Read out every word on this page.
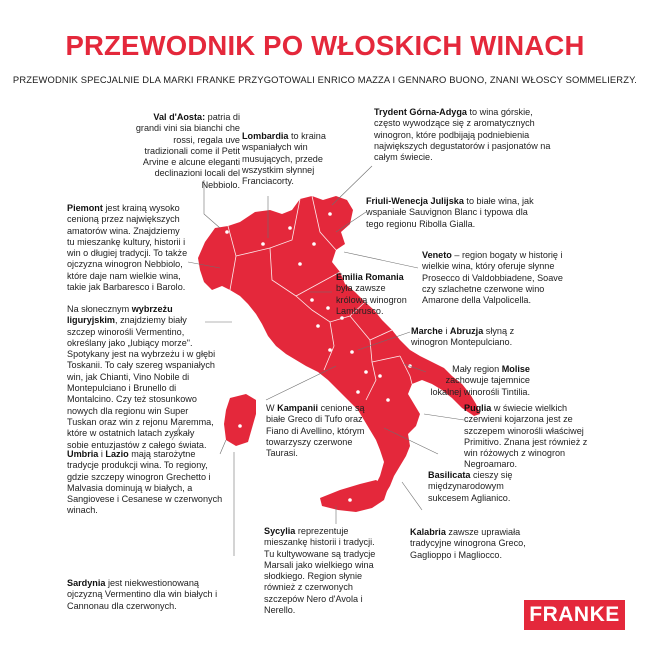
PRZEWODNIK PO WŁOSKICH WINACH
PRZEWODNIK SPECJALNIE DLA MARKI FRANKE PRZYGOTOWALI ENRICO MAZZA I GENNARO BUONO, ZNANI WŁOSCY SOMMELIERZY.

Val d'Aosta: patria di grandi vini sia bianchi che rossi, regala uve tradizionali come il Petit Arvine e alcune eleganti declinazioni locali del Nebbiolo.

Lombardia to kraina wspaniałych win musujących, przede wszystkim słynnej Franciacorty.

Trydent Górna-Adyga to wina górskie, często wywodzące się z aromatycznych winogron, które podbijają podniebienia największych degustatorów i pasjonatów na całym świecie.

Piemont jest krainą wysoko cenioną przez największych amatorów wina. Znajdziemy tu mieszankę kultury, historii i win o długiej tradycji. To także ojczyzna winogron Nebbiolo, które daje nam wielkie wina, takie jak Barbaresco i Barolo.

Friuli-Wenecja Julijska to białe wina, jak wspaniałe Sauvignon Blanc i typowa dla tego regionu Ribolla Gialla.

Veneto – region bogaty w historię i wielkie wina, który oferuje słynne Prosecco di Valdobbiadene, Soave czy szlachetne czerwone wino Amarone della Valpolicella.

Emilia Romania była zawsze królową winogron Lambrusco.

Na słonecznym wybrzeżu liguryjskim, znajdziemy biały szczep winorośli Vermentino, określany jako „lubiący morze". Spotykany jest na wybrzeżu i w głębi Toskanii. To cały szereg wspaniałych win, jak Chianti, Vino Nobile di Montepulciano i Brunello di Montalcino. Czy też stosunkowo nowych dla regionu win Super Tuskan oraz win z rejonu Maremma, które w ostatnich latach zyskały sobie entuzjastów z całego świata.

Marche i Abruzja słyną z winogron Montepulciano.

Mały region Molise zachowuje tajemnice lokalnej winorośli Tintilia.

W Kampanii cenione są białe Greco di Tufo oraz Fiano di Avellino, którym towarzyszy czerwone Taurasi.

Puglia w świecie wielkich czerwieni kojarzona jest ze szczepem winorośli właściwej Primitivo. Znana jest również z win różowych z winogron Negroamaro.

Umbria i Lazio mają starożytne tradycje produkcji wina. To regiony, gdzie szczepy winogron Grechetto i Malvasia dominują w białych, a Sangiovese i Cesanese w czerwonych winach.

Basilicata cieszy się międzynarodowym sukcesem Aglianico.

Kalabria zawsze uprawiała tradycyjne winogrona Greco, Gaglioppo i Magliocco.

Sycylia reprezentuje mieszankę historii i tradycji. Tu kultywowane są tradycje Marsali jako wielkiego wina słodkiego. Region słynie również z czerwonych szczepów Nero d'Avola i Nerello.

Sardynia jest niekwestionowaną ojczyzną Vermentino dla win białych i Cannonau dla czerwonych.	FRANKE
